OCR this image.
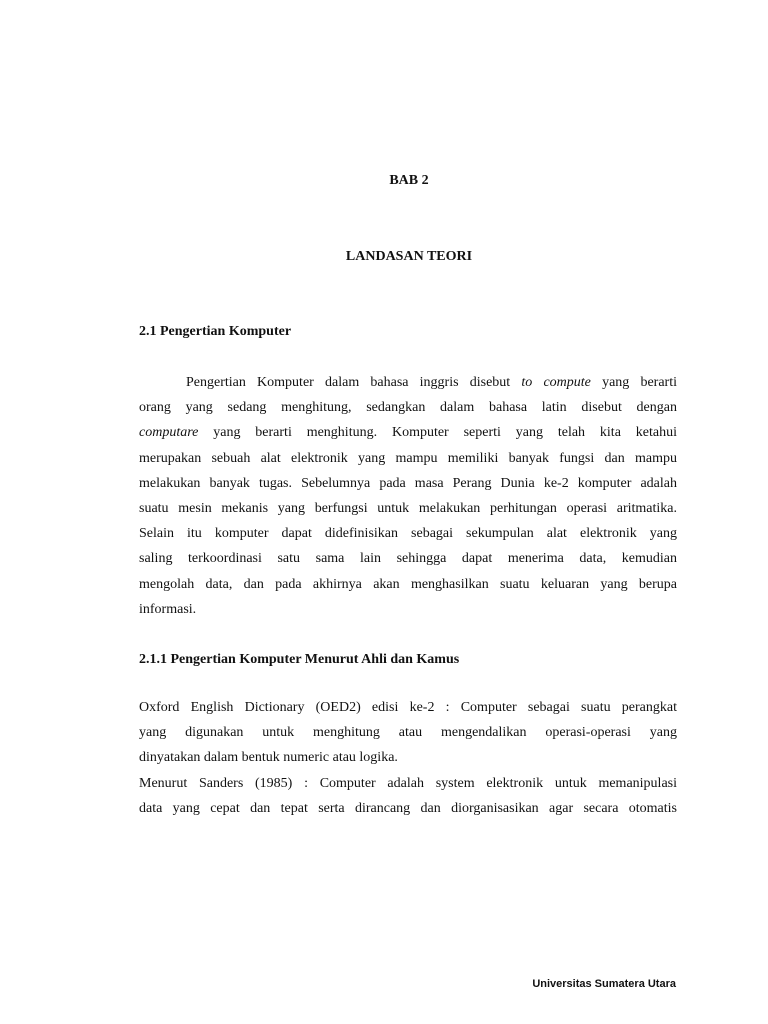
BAB 2
LANDASAN TEORI
2.1 Pengertian Komputer
Pengertian Komputer dalam bahasa inggris disebut to compute yang berarti
orang yang sedang menghitung, sedangkan dalam bahasa latin disebut dengan
computare yang berarti menghitung. Komputer seperti yang telah kita ketahui
merupakan sebuah alat elektronik yang mampu memiliki banyak fungsi dan mampu
melakukan banyak tugas. Sebelumnya pada masa Perang Dunia ke-2 komputer adalah
suatu mesin mekanis yang berfungsi untuk melakukan perhitungan operasi aritmatika.
Selain itu komputer dapat didefinisikan sebagai sekumpulan alat elektronik yang
saling terkoordinasi satu sama lain sehingga dapat menerima data, kemudian
mengolah data, dan pada akhirnya akan menghasilkan suatu keluaran yang berupa
informasi.
2.1.1 Pengertian Komputer Menurut Ahli dan Kamus
Oxford English Dictionary (OED2) edisi ke-2 : Computer sebagai suatu perangkat
yang digunakan untuk menghitung atau mengendalikan operasi-operasi yang
dinyatakan dalam bentuk numeric atau logika.
Menurut Sanders (1985) : Computer adalah system elektronik untuk memanipulasi
data yang cepat dan tepat serta dirancang dan diorganisasikan agar secara otomatis
Universitas Sumatera Utara
